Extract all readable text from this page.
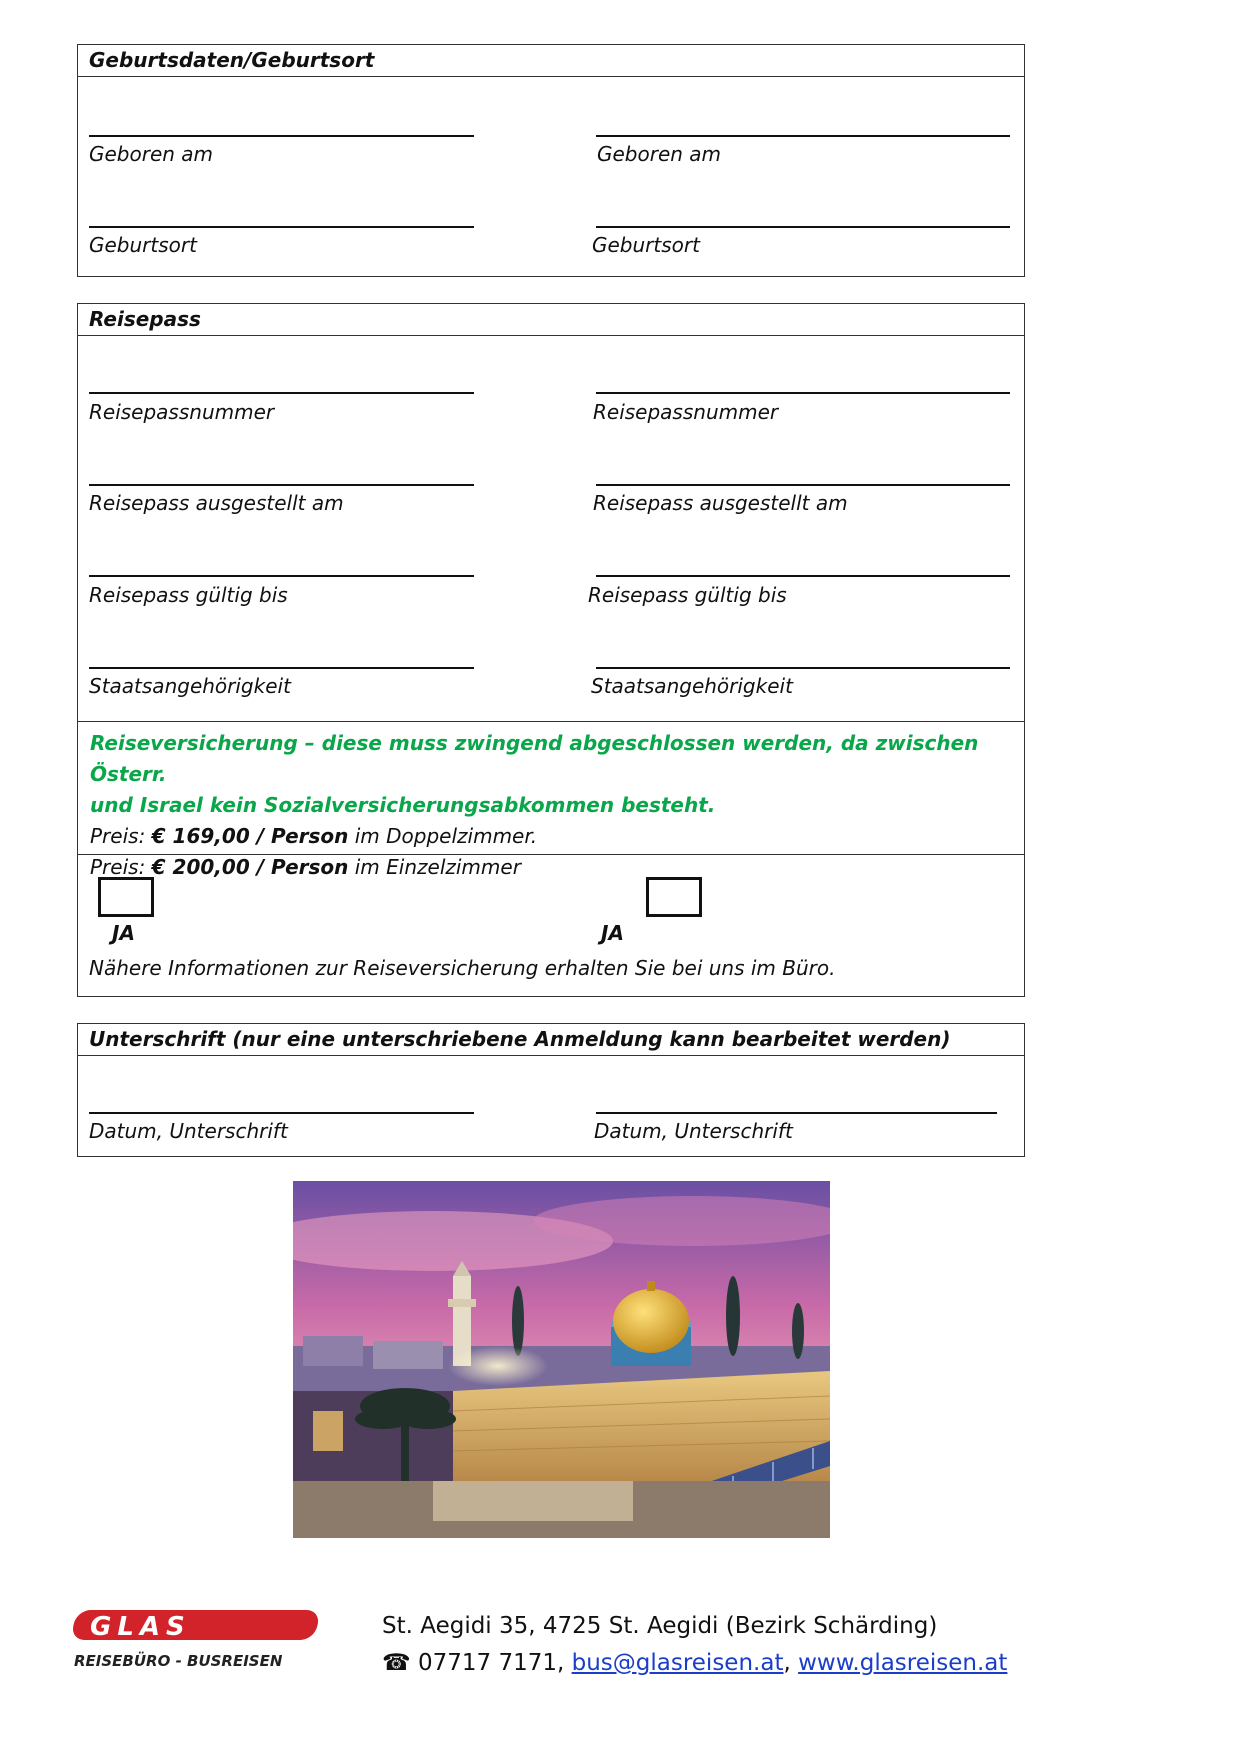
Geburtsdaten/Geburtsort
Geboren am	Geboren am
Geburtsort	Geburtsort
Reisepass
Reisepassnummer	Reisepassnummer
Reisepass ausgestellt am	Reisepass ausgestellt am
Reisepass gültig bis	Reisepass gültig bis
Staatsangehörigkeit	Staatsangehörigkeit
Reiseversicherung – diese muss zwingend abgeschlossen werden, da zwischen Österr.
und Israel kein Sozialversicherungsabkommen besteht.
Preis: € 169,00 / Person im Doppelzimmer.
Preis: € 200,00 / Person im Einzelzimmer
JA	JA
Nähere Informationen zur Reiseversicherung erhalten Sie bei uns im Büro.
Unterschrift (nur eine unterschriebene Anmeldung kann bearbeitet werden)
Datum, Unterschrift	Datum, Unterschrift
GLAS
REISEBÜRO - BUSREISEN
St. Aegidi 35, 4725 St. Aegidi (Bezirk Schärding)
☎ 07717 7171, bus@glasreisen.at, www.glasreisen.at
